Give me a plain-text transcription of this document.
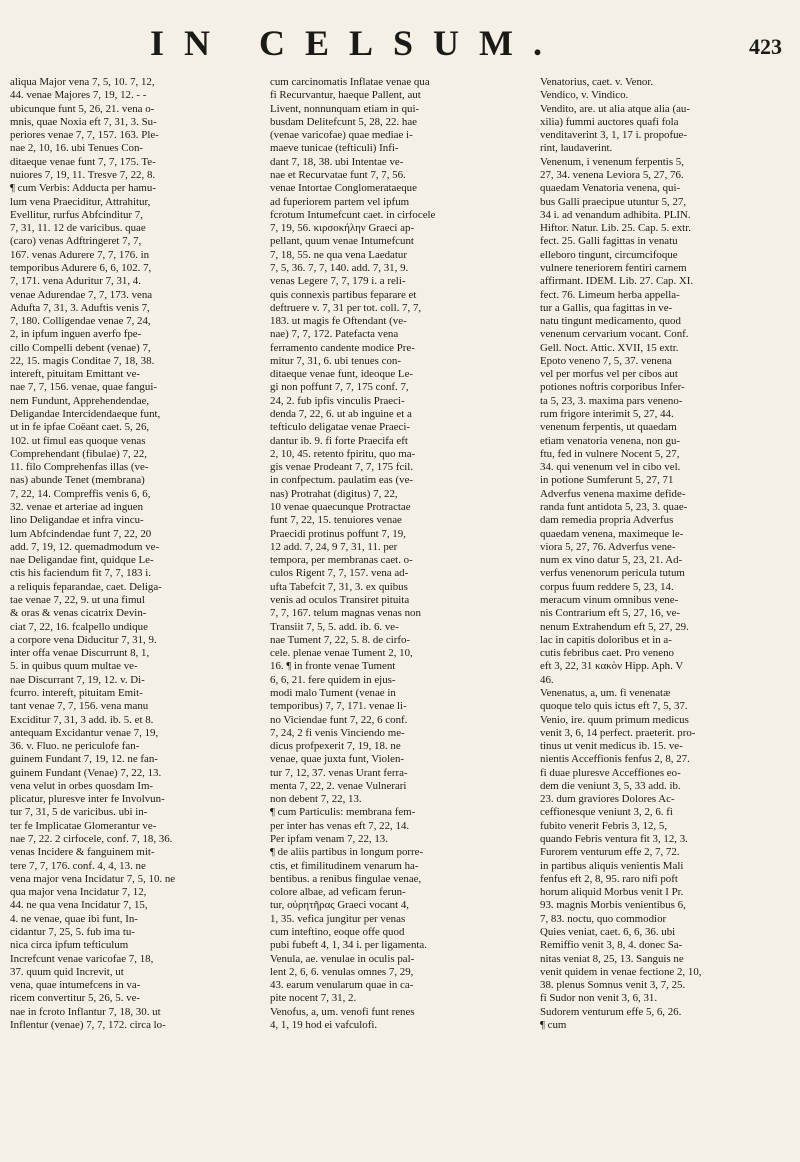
IN CELSUM.	423
aliqua Major vena 7, 5, 10. 7, 12,
44. venae Majores 7, 19, 12. - -
ubicunque funt 5, 26, 21. vena o-
mnis, quae Noxia eft 7, 31, 3. Su-
periores venae 7, 7, 157. 163. Ple-
nae 2, 10, 16. ubi Tenues Con-
ditaeque venae funt 7, 7, 175. Te-
nuiores 7, 19, 11. Tresve 7, 22, 8.
¶ cum Verbis: Adducta per hamu-
lum vena Praeciditur, Attrahitur,
Evellitur, rurfus Abfcinditur 7,
7, 31, 11. 12 de varicibus. quae
(caro) venas Adftringeret 7, 7,
167. venas Adurere 7, 7, 176. in
temporibus Adurere 6, 6, 102. 7,
7, 171. vena Aduritur 7, 31, 4.
venae Adurendae 7, 7, 173. vena
Adufta 7, 31, 3. Aduftis venis 7,
7, 180. Colligendae venae 7, 24,
2, in ipfum inguen averfo fpe-
cillo Compelli debent (venae) 7,
22, 15. magis Conditae 7, 18, 38.
intereft, pituitam Emittant ve-
nae 7, 7, 156. venae, quae fangui-
nem Fundunt, Apprehendendae,
Deligandae Intercidendaeque funt,
ut in fe ipfae Coëant caet. 5, 26,
102. ut fimul eas quoque venas
Comprehendant (fibulae) 7, 22,
11. filo Comprehenfas illas (ve-
nas) abunde Tenet (membrana)
7, 22, 14. Compreffis venis 6, 6,
32. venae et arteriae ad inguen
lino Deligandae et infra vincu-
lum Abfcindendae funt 7, 22, 20
add. 7, 19, 12. quemadmodum ve-
nae Deligandae fint, quidque Le-
ctis his faciendum fit 7, 7, 183 i.
a reliquis feparandae, caet. Deliga-
tae venae 7, 22, 9. ut una fimul
& oras & venas cicatrix Devin-
ciat 7, 22, 16. fcalpello undique
a corpore vena Diducitur 7, 31, 9.
inter offa venae Discurrunt 8, 1,
5. in quibus quum multae ve-
nae Discurrant 7, 19, 12. v. Di-
fcurro. intereft, pituitam Emit-
tant venae 7, 7, 156. vena manu
Exciditur 7, 31, 3 add. ib. 5. et 8.
antequam Excidantur venae 7, 19,
36. v. Fluo. ne periculofe fan-
guinem Fundant 7, 19, 12. ne fan-
guinem Fundant (Venae) 7, 22, 13.
vena velut in orbes quosdam Im-
plicatur, pluresve inter fe Involvun-
tur 7, 31, 5 de varicibus. ubi in-
ter fe Implicatae Glomerantur ve-
nae 7, 22. 2 cirfocele, conf. 7, 18, 36.
venas Incidere & fanguinem mit-
tere 7, 7, 176. conf. 4, 4, 13. ne
vena major vena Incidatur 7, 5, 10. ne
qua major vena Incidatur 7, 12,
44. ne qua vena Incidatur 7, 15,
4. ne venae, quae ibi funt, In-
cidantur 7, 25, 5. fub ima tu-
nica circa ipfum tefticulum
Increfcunt venae varicofae 7, 18,
37. quum quid Increvit, ut
vena, quae intumefcens in va-
ricem convertitur 5, 26, 5. ve-
nae in fcroto Inflantur 7, 18, 30. ut
Inflentur (venae) 7, 7, 172. circa lo-
cum carcinomatis Inflatae venae qua
fi Recurvantur, haeque Pallent, aut
Livent, nonnunquam etiam in qui-
busdam Delitefcunt 5, 28, 22. hae
(venae varicofae) quae mediae i-
maeve tunicae (tefticuli) Infi-
dant 7, 18, 38. ubi Intentae ve-
nae et Recurvatae funt 7, 7, 56.
venae Intortae Conglomerataeque
ad fuperiorem partem vel ipfum
fcrotum Intumefcunt caet. in cirfocele
7, 19, 56. κιρσοκήλην Graeci ap-
pellant, quum venae Intumefcunt
7, 18, 55. ne qua vena Laedatur
7, 5, 36. 7, 7, 140. add. 7, 31, 9.
venas Legere 7, 7, 179 i. a reli-
quis connexis partibus feparare et
deftruere v. 7, 31 per tot. coll. 7, 7,
183. ut magis fe Oftendant (ve-
nae) 7, 7, 172. Patefacta vena
ferramento candente modice Pre-
mitur 7, 31, 6. ubi tenues con-
ditaeque venae funt, ideoque Le-
gi non poffunt 7, 7, 175 conf. 7,
24, 2. fub ipfis vinculis Praeci-
denda 7, 22, 6. ut ab inguine et a
tefticulo deligatae venae Praeci-
dantur ib. 9. fi forte Praecifa eft
2, 10, 45. retento fpiritu, quo ma-
gis venae Prodeant 7, 7, 175 fcil.
in confpectum. paulatim eas (ve-
nas) Protrahat (digitus) 7, 22,
10 venae quaecunque Protractae
funt 7, 22, 15. tenuiores venae
Praecidi protinus poffunt 7, 19,
12 add. 7, 24, 9 7, 31, 11. per
tempora, per membranas caet. o-
culos Rigent 7, 7, 157. vena ad-
ufta Tabefcit 7, 31, 3. ex quibus
venis ad oculos Transiret pituita
7, 7, 167. telum magnas venas non
Transiit 7, 5, 5. add. ib. 6. ve-
nae Tument 7, 22, 5. 8. de cirfo-
cele. plenae venae Tument 2, 10,
16. ¶ in fronte venae Tument
6, 6, 21. fere quidem in ejus-
modi malo Tument (venae in
temporibus) 7, 7, 171. venae li-
no Viciendae funt 7, 22, 6 conf.
7, 24, 2 fi venis Vinciendo me-
dicus profpexerit 7, 19, 18. ne
venae, quae juxta funt, Violen-
tur 7, 12, 37. venas Urant ferra-
menta 7, 22, 2. venae Vulnerari
non debent 7, 22, 13.
¶ cum Particulis: membrana fem-
per inter has venas eft 7, 22, 14.
Per ipfam venam 7, 22, 13.
¶ de aliis partibus in longum porre-
ctis, et fimilitudinem venarum ha-
bentibus. a renibus fingulae venae,
colore albae, ad veficam ferun-
tur, οὐρητῆρας Graeci vocant 4,
1, 35. vefica jungitur per venas
cum inteftino, eoque offe quod
pubi fubeft 4, 1, 34 i. per ligamenta.
Venula, ae. venulae in oculis pal-
lent 2, 6, 6. venulas omnes 7, 29,
43. earum venularum quae in ca-
pite nocent 7, 31, 2.
Venofus, a, um. venofi funt renes
4, 1, 19 hod ei vafculofi.
Venatorius, caet. v. Venor.
Vendico, v. Vindico.
Vendito, are. ut alia atque alia (au-
xilia) fummi auctores quafi fola
venditaverint 3, 1, 17 i. propofue-
rint, laudaverint.
Venenum, i venenum ferpentis 5,
27, 34. venena Leviora 5, 27, 76.
quaedam Venatoria venena, qui-
bus Galli praecipue utuntur 5, 27,
34 i. ad venandum adhibita. PLIN.
Hiftor. Natur. Lib. 25. Cap. 5. extr.
fect. 25. Galli fagittas in venatu
elleboro tingunt, circumcifoque
vulnere teneriorem fentiri carnem
affirmant. IDEM. Lib. 27. Cap. XI.
fect. 76. Limeum herba appella-
tur a Gallis, qua fagittas in ve-
natu tingunt medicamento, quod
venenum cervarium vocant. Conf.
Gell. Noct. Attic. XVII, 15 extr.
Epoto veneno 7, 5, 37. venena
vel per morfus vel per cibos aut
potiones noftris corporibus Infer-
ta 5, 23, 3. maxima pars veneno-
rum frigore interimit 5, 27, 44.
venenum ferpentis, ut quaedam
etiam venatoria venena, non gu-
ftu, fed in vulnere Nocent 5, 27,
34. qui venenum vel in cibo vel.
in potione Sumferunt 5, 27, 71
Adverfus venena maxime defide-
randa funt antidota 5, 23, 3. quae-
dam remedia propria Adverfus
quaedam venena, maximeque le-
viora 5, 27, 76. Adverfus vene-
num ex vino datur 5, 23, 21. Ad-
verfus venenorum pericula tutum
corpus fuum reddere 5, 23, 14.
meracum vinum omnibus vene-
nis Contrarium eft 5, 27, 16, ve-
nenum Extrahendum eft 5, 27, 29.
lac in capitis doloribus et in a-
cutis febribus caet. Pro veneno
eft 3, 22, 31 κακὸν Hipp. Aph. V
46.
Venenatus, a, um. fi venenatæ
quoque telo quis ictus eft 7, 5, 37.
Venio, ire. quum primum medicus
venit 3, 6, 14 perfect. praeterit. pro-
tinus ut venit medicus ib. 15. ve-
nientis Acceffionis fenfus 2, 8, 27.
fi duae pluresve Acceffiones eo-
dem die veniunt 3, 5, 33 add. ib.
23. dum graviores Dolores Ac-
ceffionesque veniunt 3, 2, 6. fi
fubito venerit Febris 3, 12, 5,
quando Febris ventura fit 3, 12, 3.
Furorem venturum effe 2, 7, 72.
in partibus aliquis venientis Mali
fenfus eft 2, 8, 95. raro nifi poft
horum aliquid Morbus venit I Pr.
93. magnis Morbis venientibus 6,
7, 83. noctu, quo commodior
Quies veniat, caet. 6, 6, 36. ubi
Remiffio venit 3, 8, 4. donec Sa-
nitas veniat 8, 25, 13. Sanguis ne
venit quidem in venae fectione 2, 10,
38. plenus Somnus venit 3, 7, 25.
fi Sudor non venit 3, 6, 31.
Sudorem venturum effe 5, 6, 26.
¶ cum
